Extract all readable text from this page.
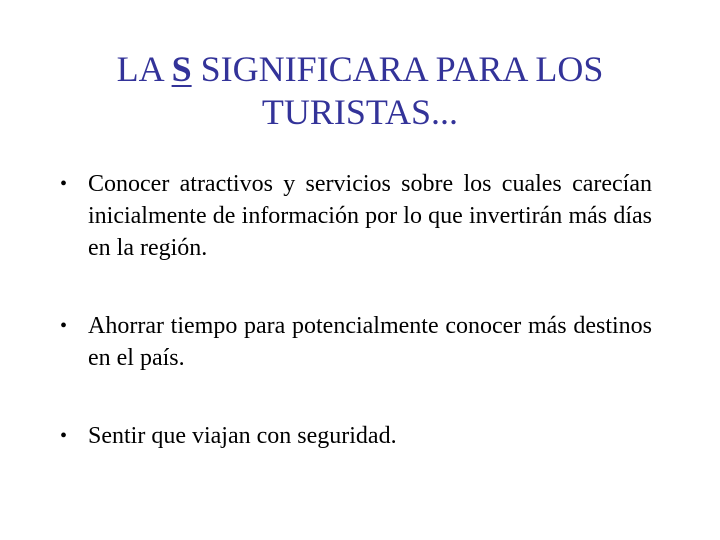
LA S SIGNIFICARA PARA LOS
TURISTAS...
• Conocer atractivos y servicios sobre los cuales carecían inicialmente de información por lo que invertirán más días en la región.
• Ahorrar tiempo para potencialmente conocer más destinos en el país.
• Sentir que viajan con seguridad.
